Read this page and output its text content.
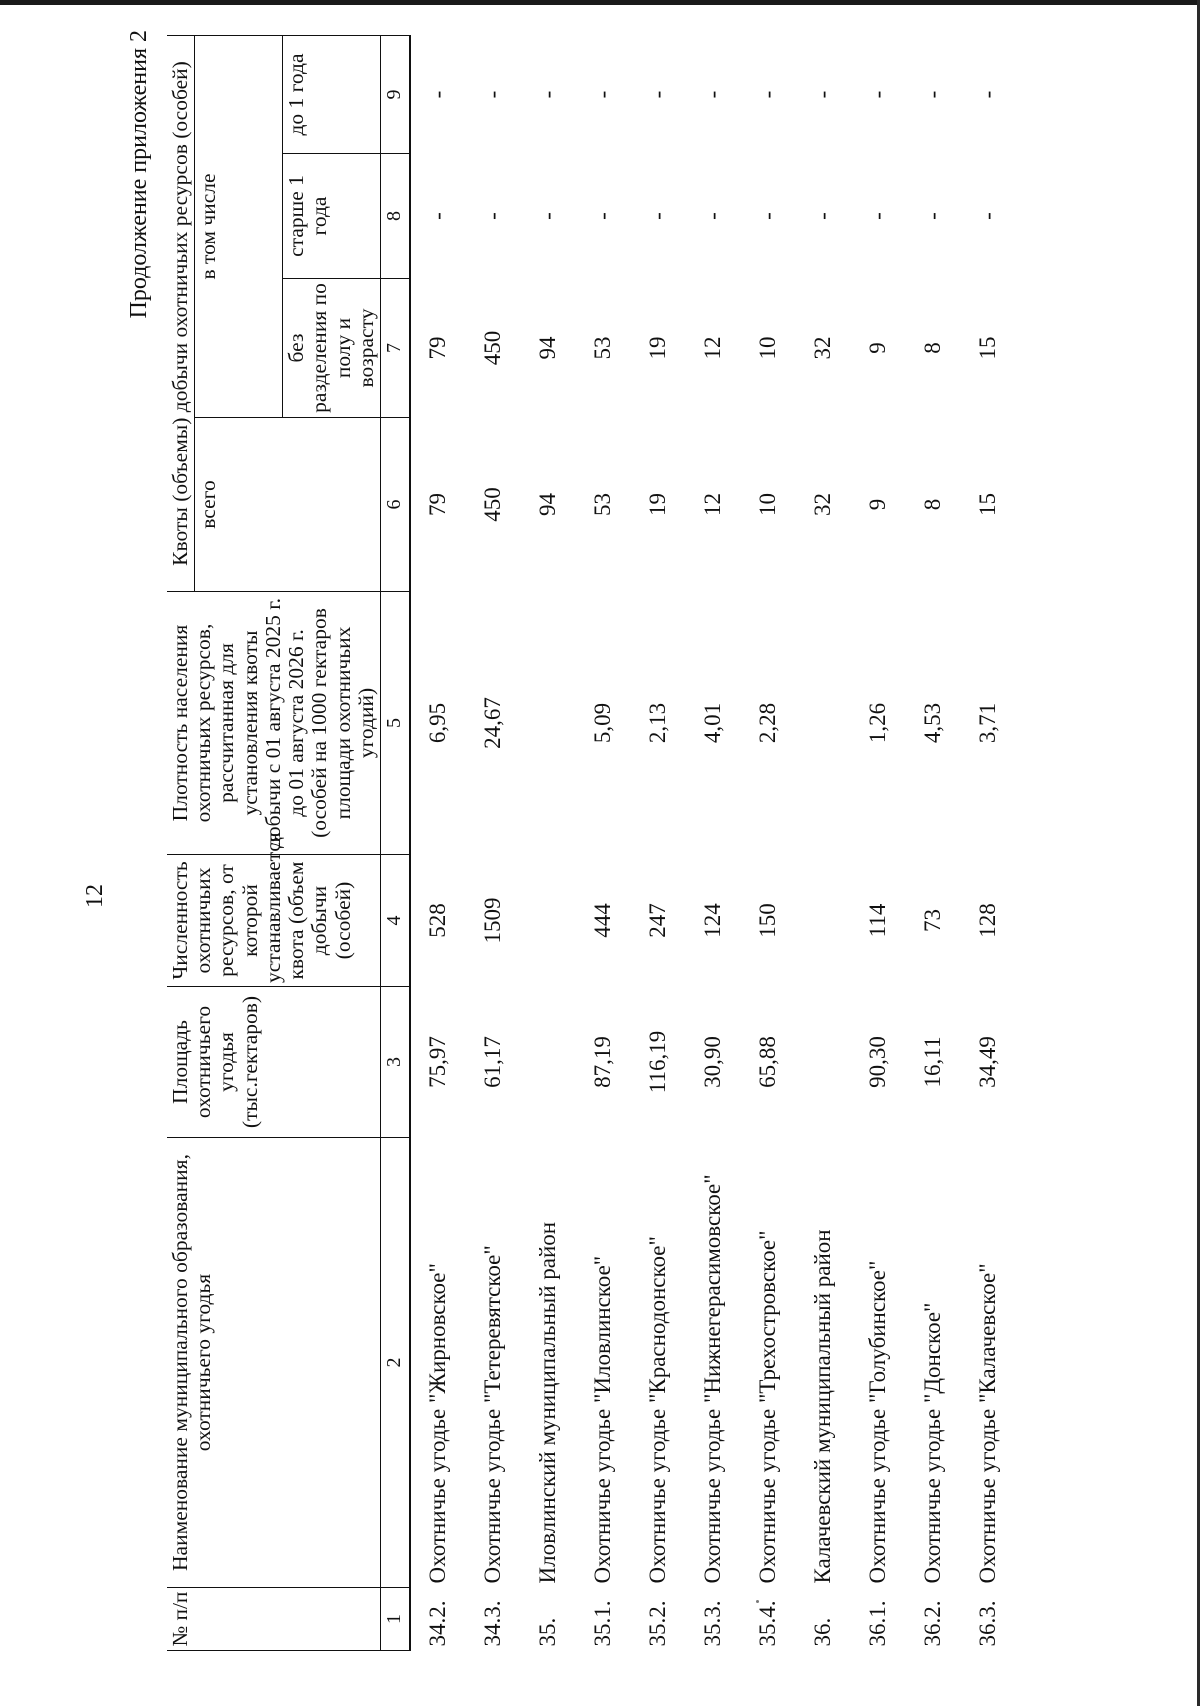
12
Продолжение приложения 2
№ п/п	Наименование муниципального образования, охотничьего угодья	Площадь охотничьего угодья (тыс.гектаров)	Численность охотничьих ресурсов, от которой устанавливается квота (объем добычи (особей)	Плотность населения охотничьих ресурсов, рассчитанная для установления квоты добычи с 01 августа 2025 г. до 01 августа 2026 г. (особей на 1000 гектаров площади охотничьих угодий)	Квоты (объемы) добычи охотничьих ресурсов (особей)			
					всего	в том числе		
						без разделения по полу и возрасту	старше 1 года	до 1 года
1	2	3	4	5	6	7	8	9
34.2.	Охотничье угодье "Жирновское"	75,97	528	6,95	79	79	-	-
34.3.	Охотничье угодье "Тетеревятское"	61,17	1509	24,67	450	450	-	-
35.	Иловлинский муниципальный район				94	94	-	-
35.1.	Охотничье угодье "Иловлинское"	87,19	444	5,09	53	53	-	-
35.2.	Охотничье угодье "Краснодонское"	116,19	247	2,13	19	19	-	-
35.3.	Охотничье угодье "Нижнегерасимовское"	30,90	124	4,01	12	12	-	-
35.4.	Охотничье угодье "Трехостровское"	65,88	150	2,28	10	10	-	-
36.	Калачевский муниципальный район				32	32	-	-
36.1.	Охотничье угодье "Голубинское"	90,30	114	1,26	9	9	-	-
36.2.	Охотничье угодье "Донское"	16,11	73	4,53	8	8	-	-
36.3.	Охотничье угодье "Калачевское"	34,49	128	3,71	15	15	-	-
